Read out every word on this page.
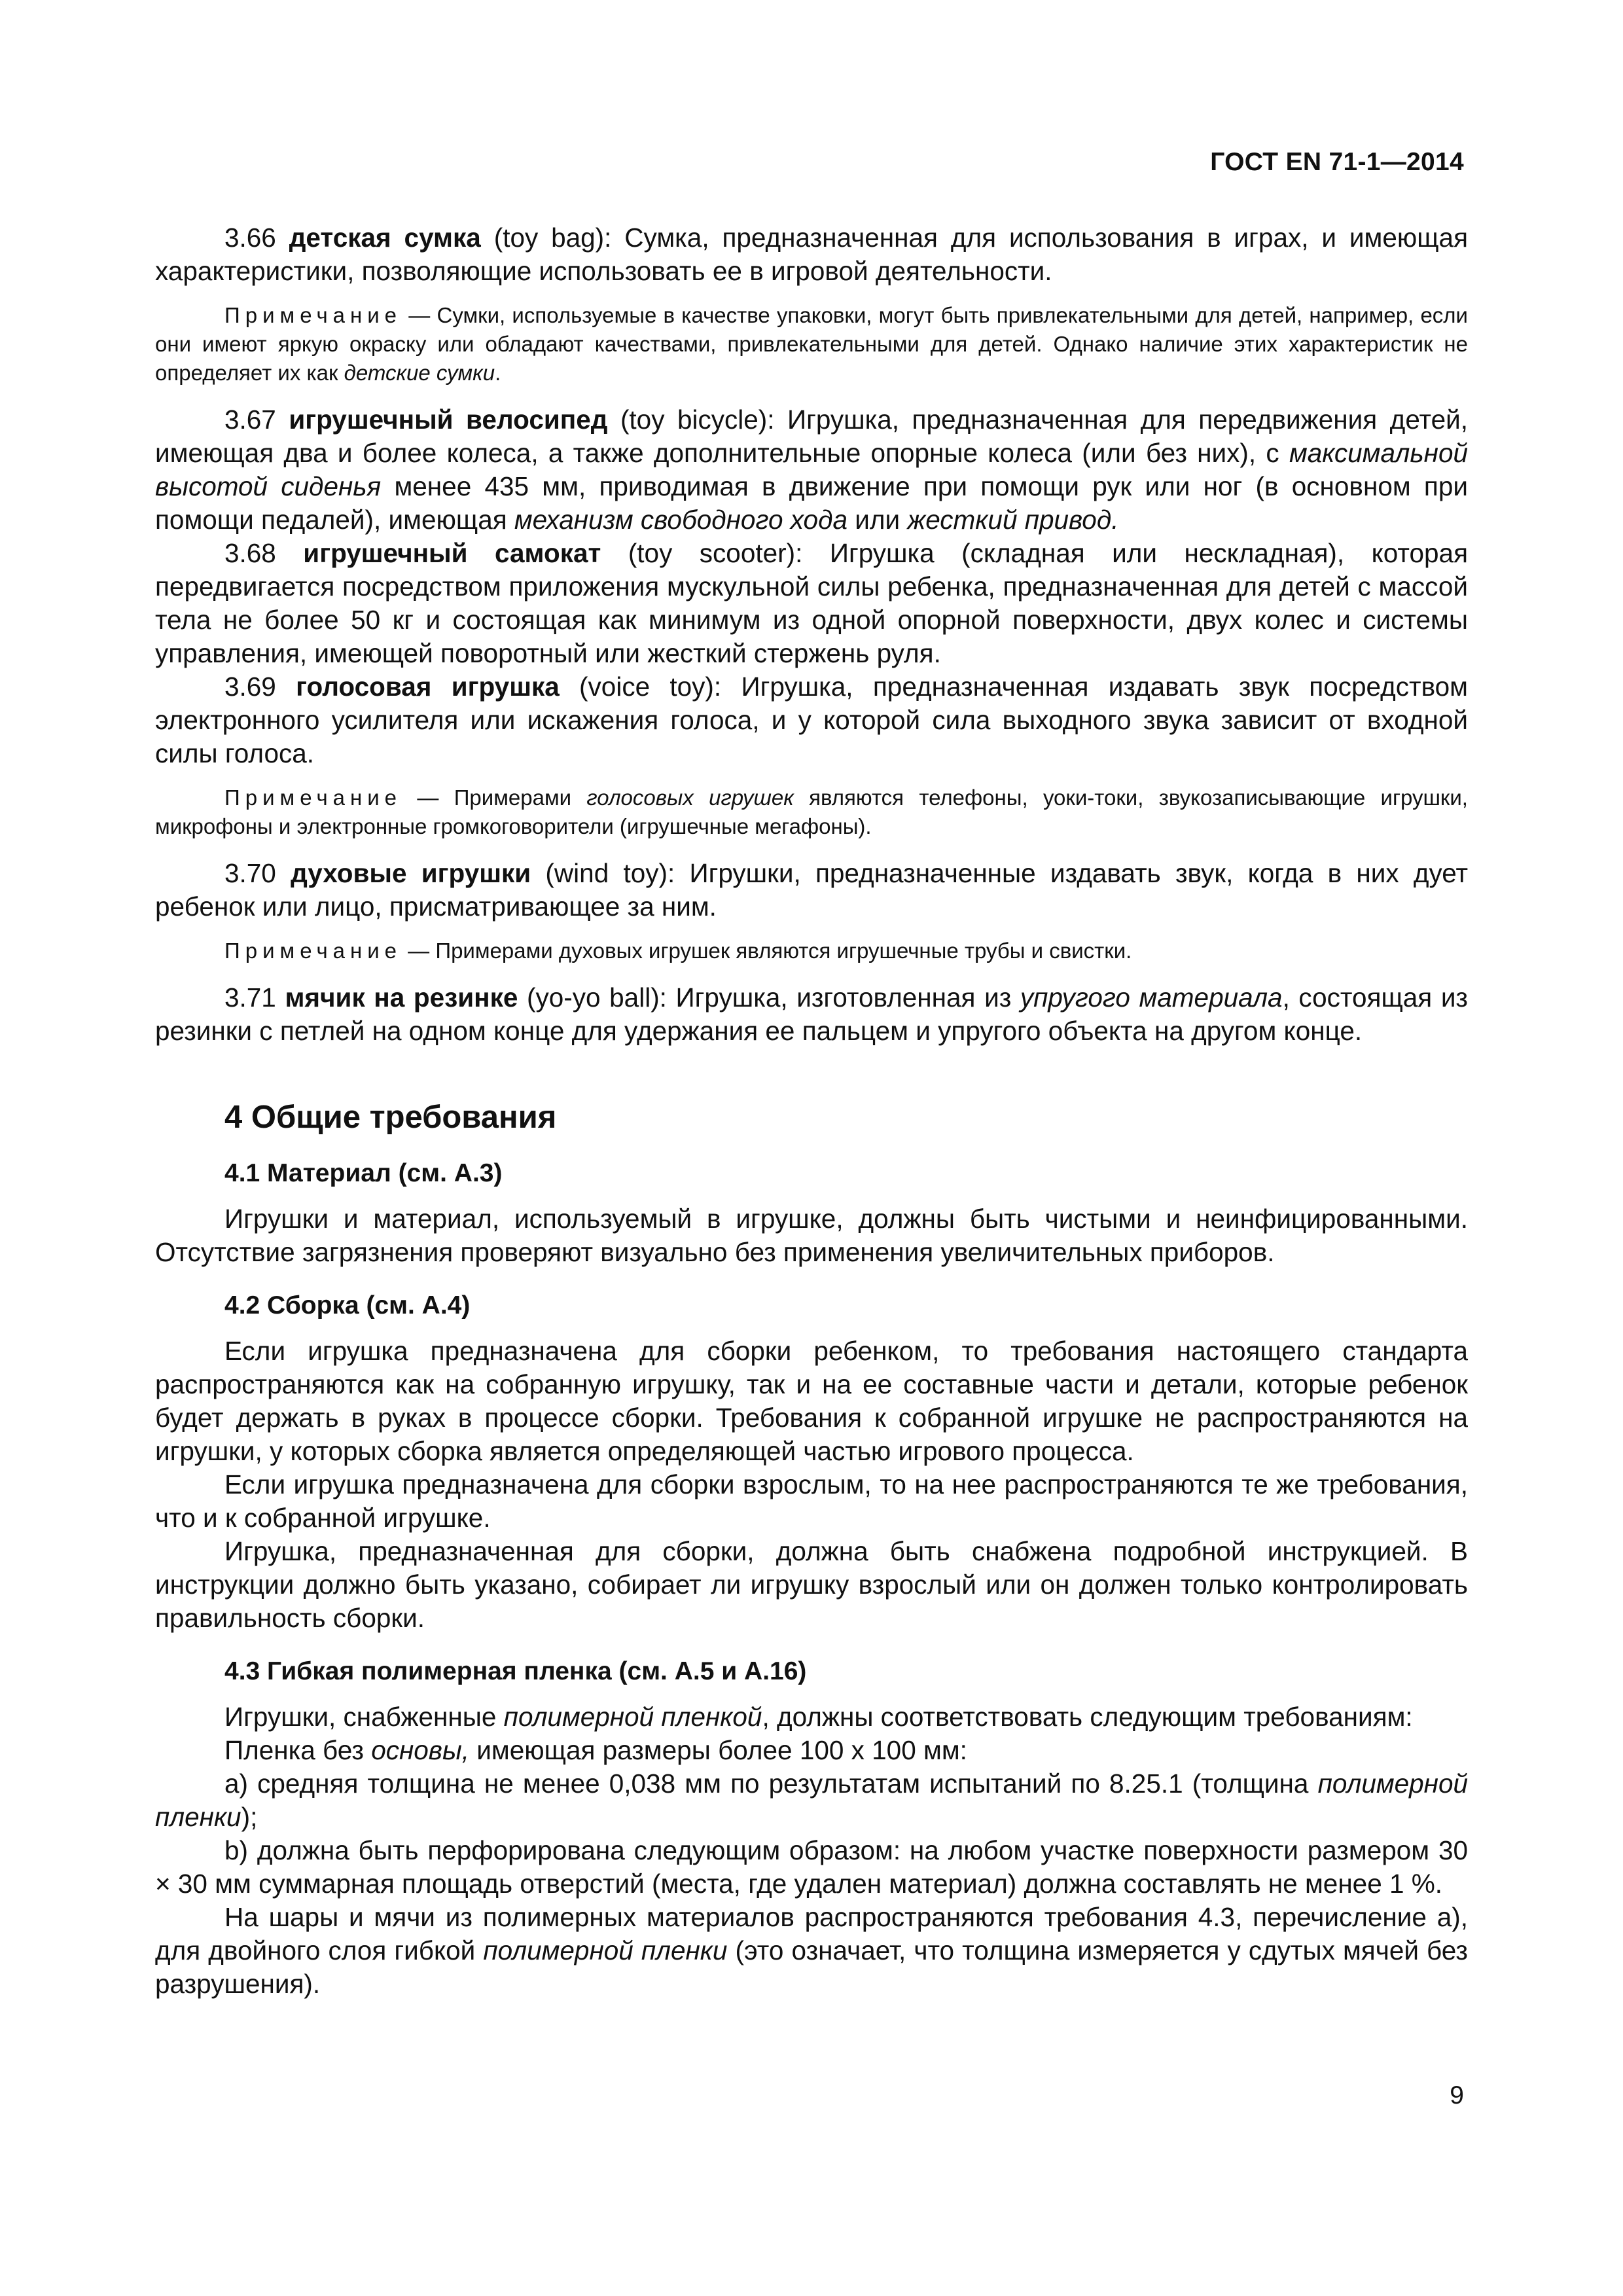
ГОСТ EN 71-1—2014

3.66 детская сумка (toy bag): Сумка, предназначенная для использования в играх, и имеющая характеристики, позволяющие использовать ее в игровой деятельности.

Примечание — Сумки, используемые в качестве упаковки, могут быть привлекательными для детей, например, если они имеют яркую окраску или обладают качествами, привлекательными для детей. Однако наличие этих характеристик не определяет их как детские сумки.

3.67 игрушечный велосипед (toy bicycle): Игрушка, предназначенная для передвижения детей, имеющая два и более колеса, а также дополнительные опорные колеса (или без них), с максимальной высотой сиденья менее 435 мм, приводимая в движение при помощи рук или ног (в основном при помощи педалей), имеющая механизм свободного хода или жесткий привод.

3.68 игрушечный самокат (toy scooter): Игрушка (складная или нескладная), которая передвигается посредством приложения мускульной силы ребенка, предназначенная для детей с массой тела не более 50 кг и состоящая как минимум из одной опорной поверхности, двух колес и системы управления, имеющей поворотный или жесткий стержень руля.

3.69 голосовая игрушка (voice toy): Игрушка, предназначенная издавать звук посредством электронного усилителя или искажения голоса, и у которой сила выходного звука зависит от входной силы голоса.

Примечание — Примерами голосовых игрушек являются телефоны, уоки-токи, звукозаписывающие игрушки, микрофоны и электронные громкоговорители (игрушечные мегафоны).

3.70 духовые игрушки (wind toy): Игрушки, предназначенные издавать звук, когда в них дует ребенок или лицо, присматривающее за ним.

Примечание — Примерами духовых игрушек являются игрушечные трубы и свистки.

3.71 мячик на резинке (yo-yo ball): Игрушка, изготовленная из упругого материала, состоящая из резинки с петлей на одном конце для удержания ее пальцем и упругого объекта на другом конце.

4 Общие требования
4.1 Материал (см. А.3)

Игрушки и материал, используемый в игрушке, должны быть чистыми и неинфицированными. Отсутствие загрязнения проверяют визуально без применения увеличительных приборов.

4.2 Сборка (см. А.4)

Если игрушка предназначена для сборки ребенком, то требования настоящего стандарта распространяются как на собранную игрушку, так и на ее составные части и детали, которые ребенок будет держать в руках в процессе сборки. Требования к собранной игрушке не распространяются на игрушки, у которых сборка является определяющей частью игрового процесса.

Если игрушка предназначена для сборки взрослым, то на нее распространяются те же требования, что и к собранной игрушке.

Игрушка, предназначенная для сборки, должна быть снабжена подробной инструкцией. В инструкции должно быть указано, собирает ли игрушку взрослый или он должен только контролировать правильность сборки.

4.3 Гибкая полимерная пленка (см. А.5 и А.16)

Игрушки, снабженные полимерной пленкой, должны соответствовать следующим требованиям:

Пленка без основы, имеющая размеры более 100 х 100 мм:

а) средняя толщина не менее 0,038 мм по результатам испытаний по 8.25.1 (толщина полимерной пленки);

b) должна быть перфорирована следующим образом: на любом участке поверхности размером 30 × 30 мм суммарная площадь отверстий (места, где удален материал) должна составлять не менее 1 %.

На шары и мячи из полимерных материалов распространяются требования 4.3, перечисление а), для двойного слоя гибкой полимерной пленки (это означает, что толщина измеряется у сдутых мячей без разрушения).

9
